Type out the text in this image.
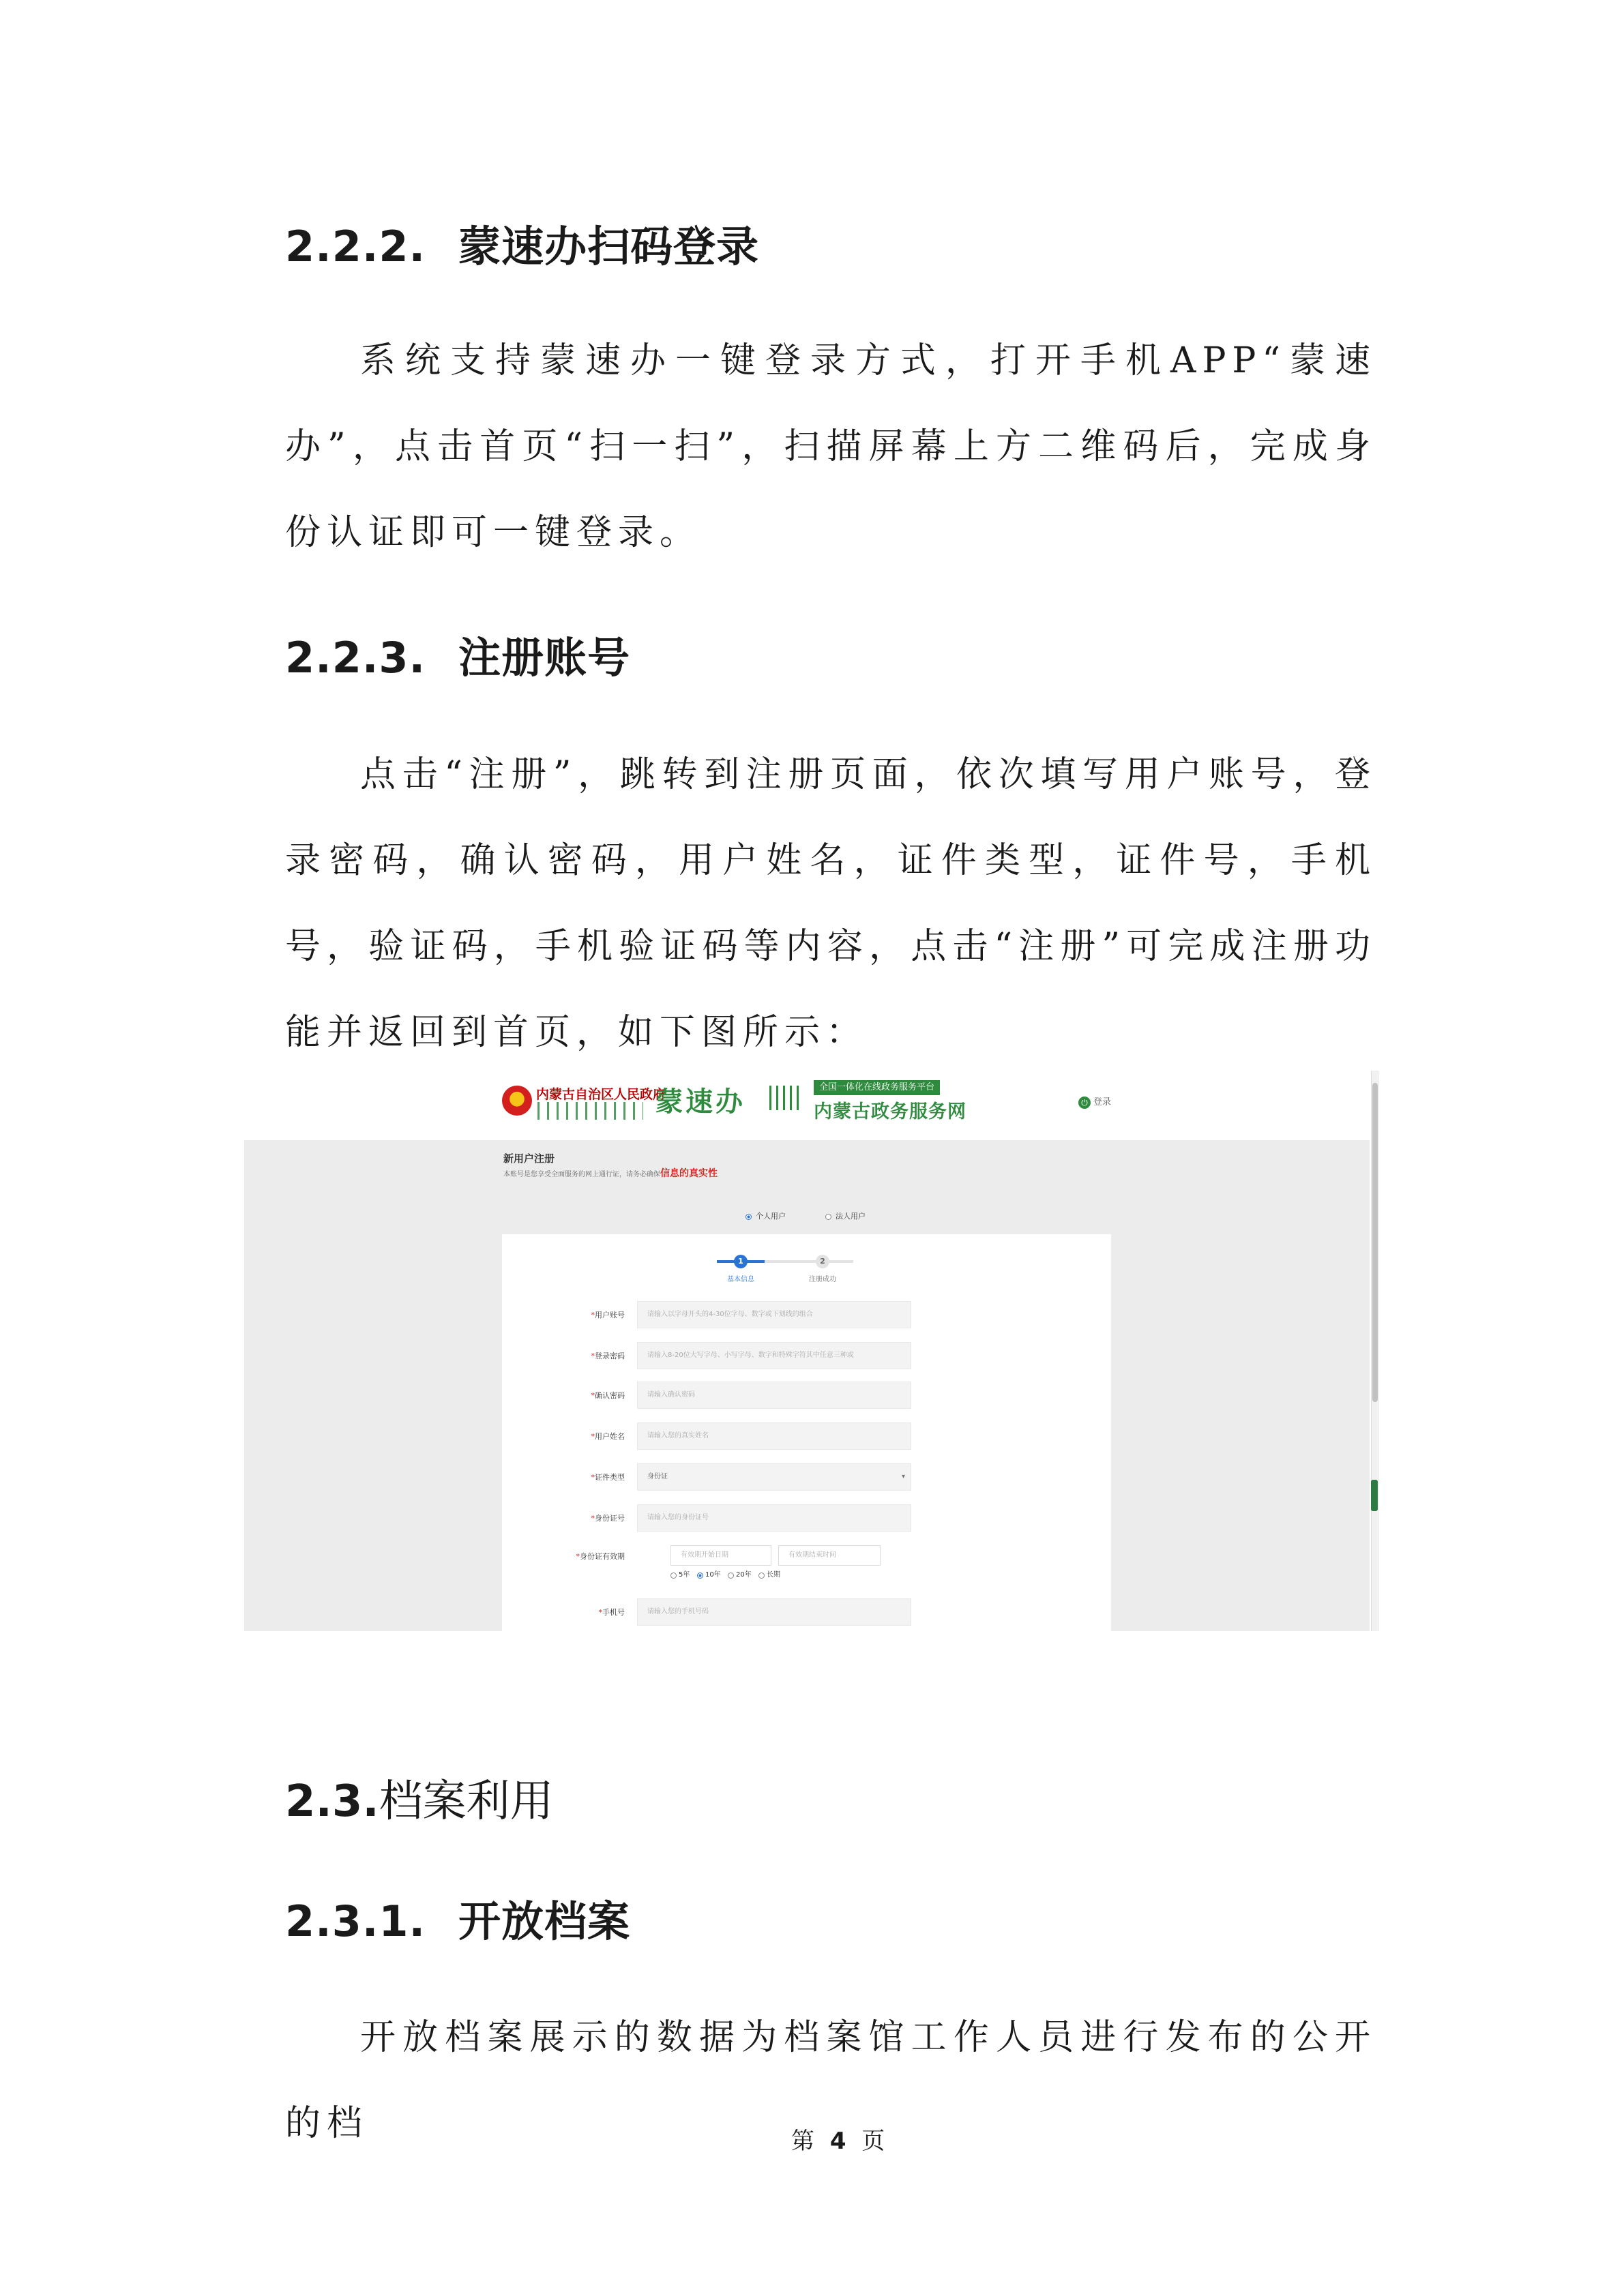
2.2.2. 蒙速办扫码登录

系统支持蒙速办一键登录方式，打开手机APP“蒙速办”，点击首页“扫一扫”，扫描屏幕上方二维码后，完成身份认证即可一键登录。

2.2.3. 注册账号

点击“注册”，跳转到注册页面，依次填写用户账号，登录密码，确认密码，用户姓名，证件类型，证件号，手机号，验证码，手机验证码等内容，点击“注册”可完成注册功能并返回到首页，如下图所示：

内蒙古自治区人民政府
蒙速办	全国一体化在线政务服务平台
内蒙古政务服务网	⏻ 登录
新用户注册
本账号是您享受全面服务的网上通行证，请务必确保信息的真实性
个人用户	法人用户
1
基本信息
2
注册成功
*用户账号	请输入以字母开头的4-30位字母、数字或下划线的组合
*登录密码	请输入8-20位大写字母、小写字母、数字和特殊字符其中任意三种或
*确认密码	请输入确认密码
*用户姓名	请输入您的真实姓名
*证件类型	身份证	▾
*身份证号	请输入您的身份证号
*身份证有效期	有效期开始日期	有效期结束时间
5年 10年 20年 长期
*手机号	请输入您的手机号码
2.3.档案利用
2.3.1. 开放档案

开放档案展示的数据为档案馆工作人员进行发布的公开的档	第 4 页
